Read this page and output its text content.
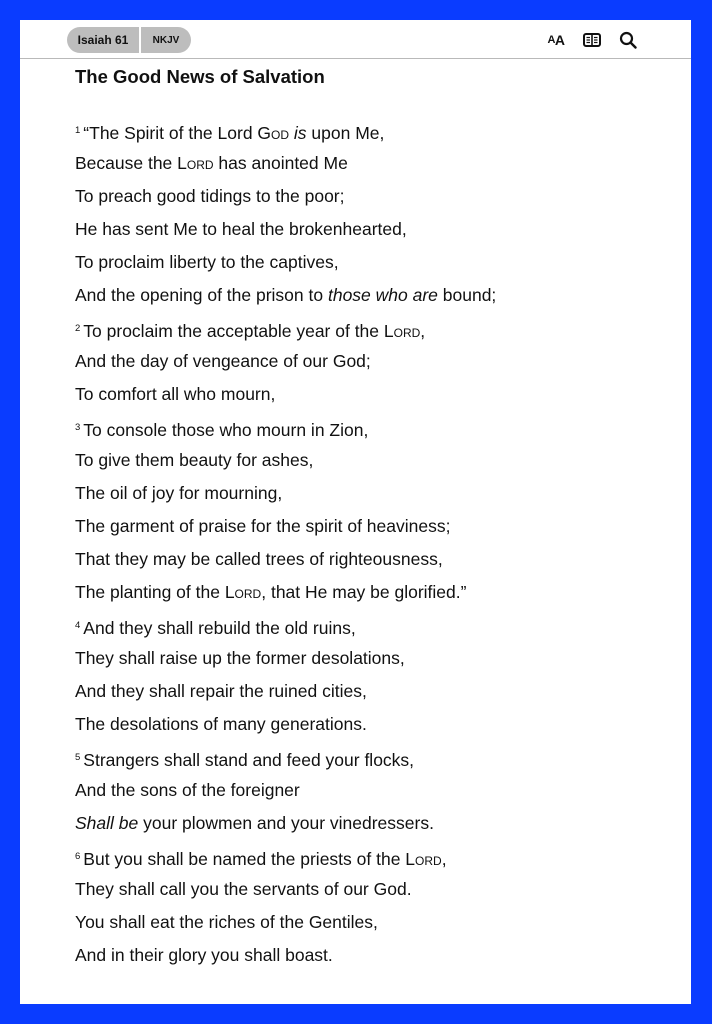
Isaiah 61	NKJV	A A
The Good News of Salvation
$^1$ “The Spirit of the Lord God is upon Me,
Because the Lord has anointed Me
To preach good tidings to the poor;
He has sent Me to heal the brokenhearted,
To proclaim liberty to the captives,
And the opening of the prison to those who are bound;
$^2$ To proclaim the acceptable year of the Lord,
And the day of vengeance of our God;
To comfort all who mourn,
$^3$ To console those who mourn in Zion,
To give them beauty for ashes,
The oil of joy for mourning,
The garment of praise for the spirit of heaviness;
That they may be called trees of righteousness,
The planting of the Lord, that He may be glorified.”
$^4$ And they shall rebuild the old ruins,
They shall raise up the former desolations,
And they shall repair the ruined cities,
The desolations of many generations.
$^5$ Strangers shall stand and feed your flocks,
And the sons of the foreigner
Shall be your plowmen and your vinedressers.
$^6$ But you shall be named the priests of the Lord,
They shall call you the servants of our God.
You shall eat the riches of the Gentiles,
And in their glory you shall boast.
